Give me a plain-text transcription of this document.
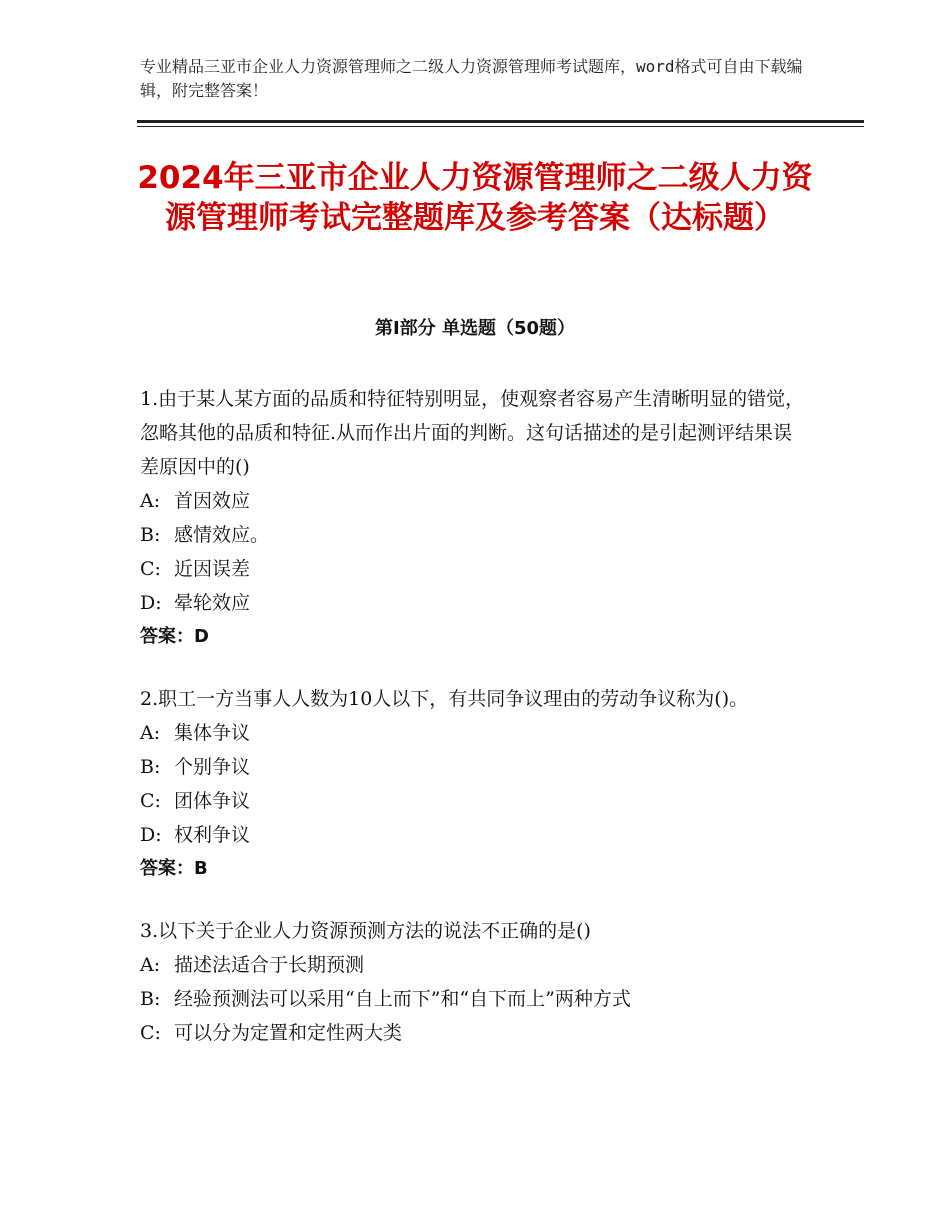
专业精品三亚市企业人力资源管理师之二级人力资源管理师考试题库，word格式可自由下载编辑，附完整答案！
2024年三亚市企业人力资源管理师之二级人力资源管理师考试完整题库及参考答案（达标题）
第Ⅰ部分 单选题（50题）
1.由于某人某方面的品质和特征特别明显，使观察者容易产生清晰明显的错觉，忽略其他的品质和特征.从而作出片面的判断。这句话描述的是引起测评结果误差原因中的()
A: 首因效应
B: 感情效应。
C: 近因误差
D: 晕轮效应
答案：D
2.职工一方当事人人数为10人以下，有共同争议理由的劳动争议称为()。
A: 集体争议
B: 个别争议
C: 团体争议
D: 权利争议
答案：B
3.以下关于企业人力资源预测方法的说法不正确的是()
A: 描述法适合于长期预测
B: 经验预测法可以采用“自上而下”和“自下而上”两种方式
C: 可以分为定置和定性两大类
